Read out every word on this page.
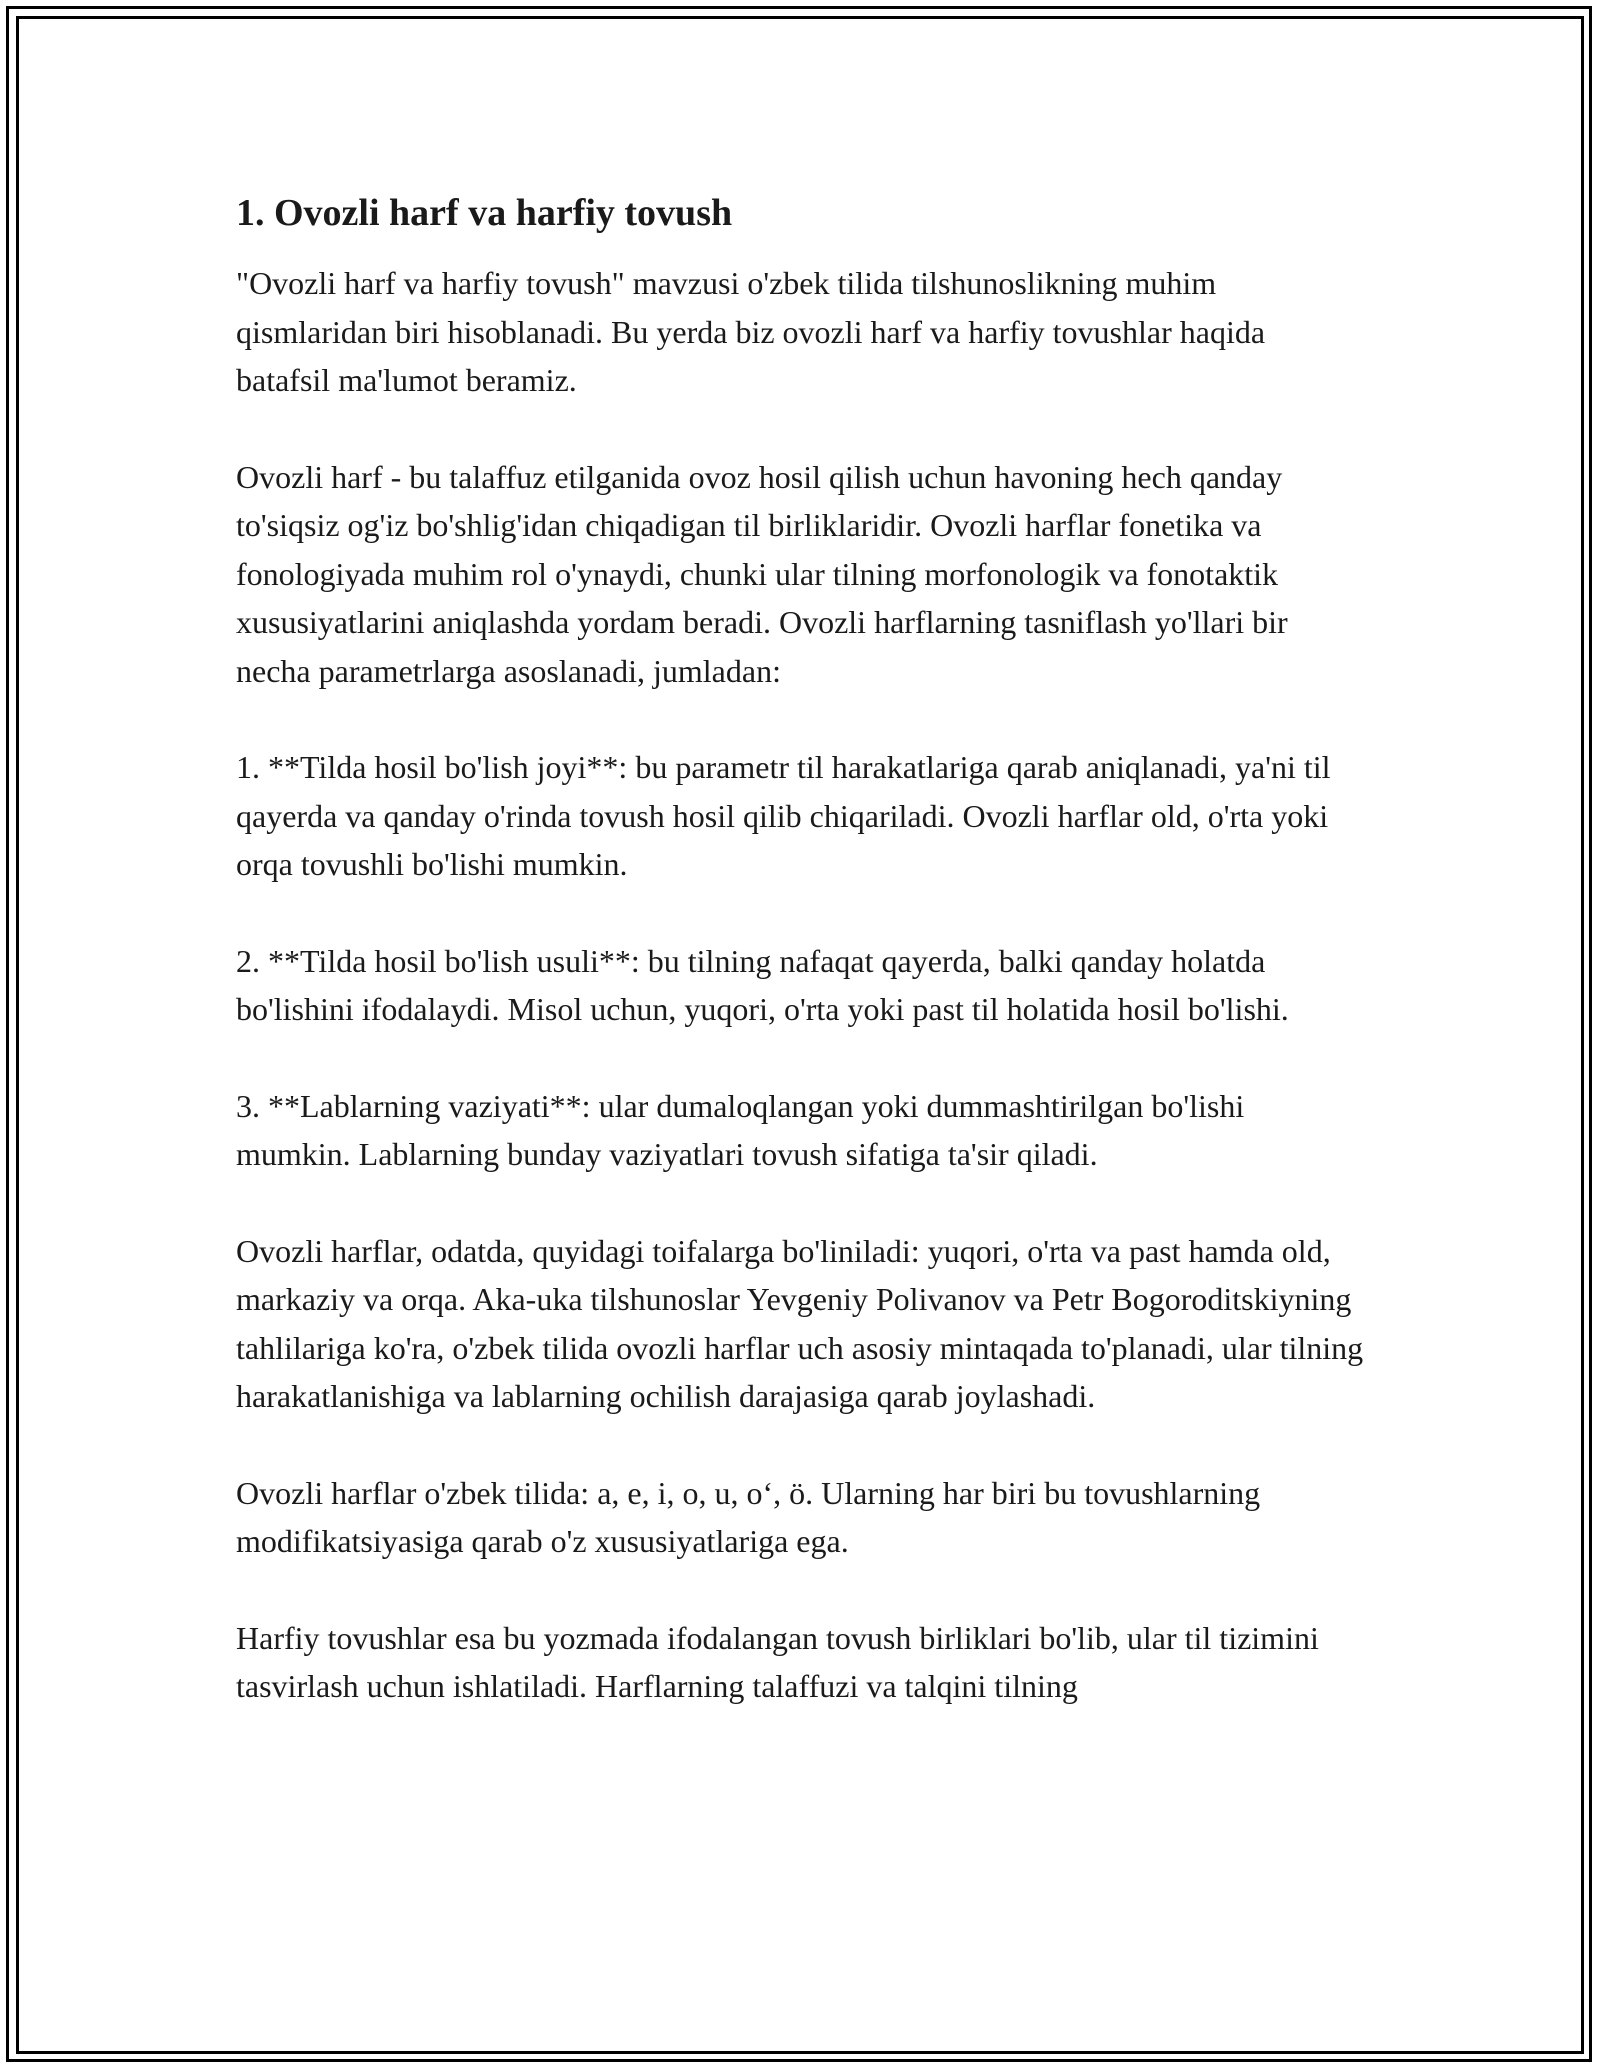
1. Ovozli harf va harfiy tovush

"Ovozli harf va harfiy tovush" mavzusi o'zbek tilida tilshunoslikning muhim qismlaridan biri hisoblanadi. Bu yerda biz ovozli harf va harfiy tovushlar haqida batafsil ma'lumot beramiz.

Ovozli harf - bu talaffuz etilganida ovoz hosil qilish uchun havoning hech qanday to'siqsiz og'iz bo'shlig'idan chiqadigan til birliklaridir. Ovozli harflar fonetika va fonologiyada muhim rol o'ynaydi, chunki ular tilning morfonologik va fonotaktik xususiyatlarini aniqlashda yordam beradi. Ovozli harflarning tasniflash yo'llari bir necha parametrlarga asoslanadi, jumladan:

1. **Tilda hosil bo'lish joyi**: bu parametr til harakatlariga qarab aniqlanadi, ya'ni til qayerda va qanday o'rinda tovush hosil qilib chiqariladi. Ovozli harflar old, o'rta yoki orqa tovushli bo'lishi mumkin.

2. **Tilda hosil bo'lish usuli**: bu tilning nafaqat qayerda, balki qanday holatda bo'lishini ifodalaydi. Misol uchun, yuqori, o'rta yoki past til holatida hosil bo'lishi.

3. **Lablarning vaziyati**: ular dumaloqlangan yoki dummashtirilgan bo'lishi mumkin. Lablarning bunday vaziyatlari tovush sifatiga ta'sir qiladi.

Ovozli harflar, odatda, quyidagi toifalarga bo'liniladi: yuqori, o'rta va past hamda old, markaziy va orqa. Aka-uka tilshunoslar Yevgeniy Polivanov va Petr Bogoroditskiyning tahlilariga ko'ra, o'zbek tilida ovozli harflar uch asosiy mintaqada to'planadi, ular tilning harakatlanishiga va lablarning ochilish darajasiga qarab joylashadi.

Ovozli harflar o'zbek tilida: a, e, i, o, u, o‘, ö. Ularning har biri bu tovushlarning modifikatsiyasiga qarab o'z xususiyatlariga ega.

Harfiy tovushlar esa bu yozmada ifodalangan tovush birliklari bo'lib, ular til tizimini tasvirlash uchun ishlatiladi. Harflarning talaffuzi va talqini tilning
